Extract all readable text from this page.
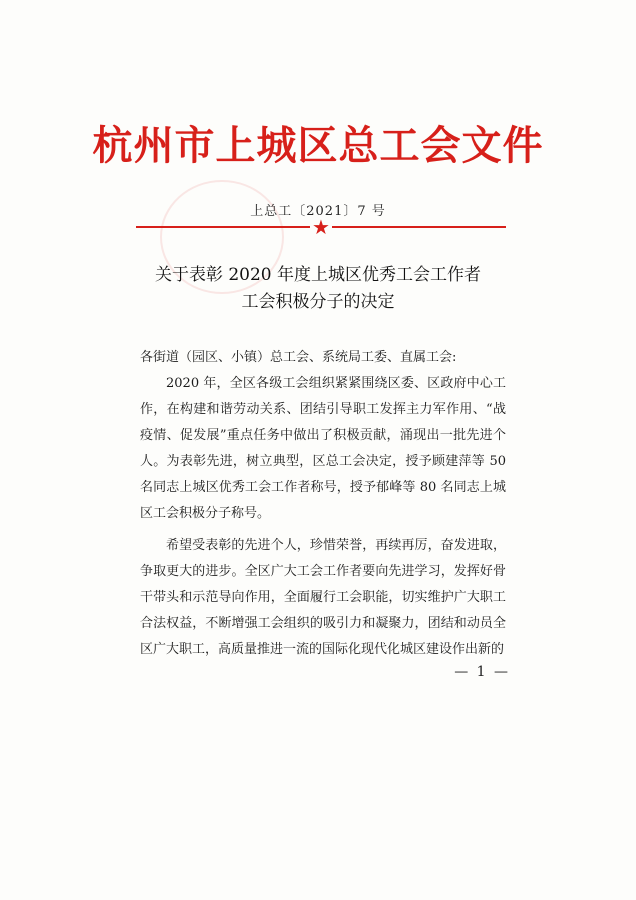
杭州市上城区总工会文件
上总工〔2021〕7 号
★
关于表彰 2020 年度上城区优秀工会工作者
工会积极分子的决定

各街道（园区、小镇）总工会、系统局工委、直属工会:

2020 年，全区各级工会组织紧紧围绕区委、区政府中心工作，在构建和谐劳动关系、团结引导职工发挥主力军作用、“战疫情、促发展”重点任务中做出了积极贡献，涌现出一批先进个人。为表彰先进，树立典型，区总工会决定，授予顾建萍等 50 名同志上城区优秀工会工作者称号，授予郁峰等 80 名同志上城区工会积极分子称号。

希望受表彰的先进个人，珍惜荣誉，再续再厉，奋发进取，争取更大的进步。全区广大工会工作者要向先进学习，发挥好骨干带头和示范导向作用，全面履行工会职能，切实维护广大职工合法权益，不断增强工会组织的吸引力和凝聚力，团结和动员全区广大职工，高质量推进一流的国际化现代化城区建设作出新的

— 1 —
